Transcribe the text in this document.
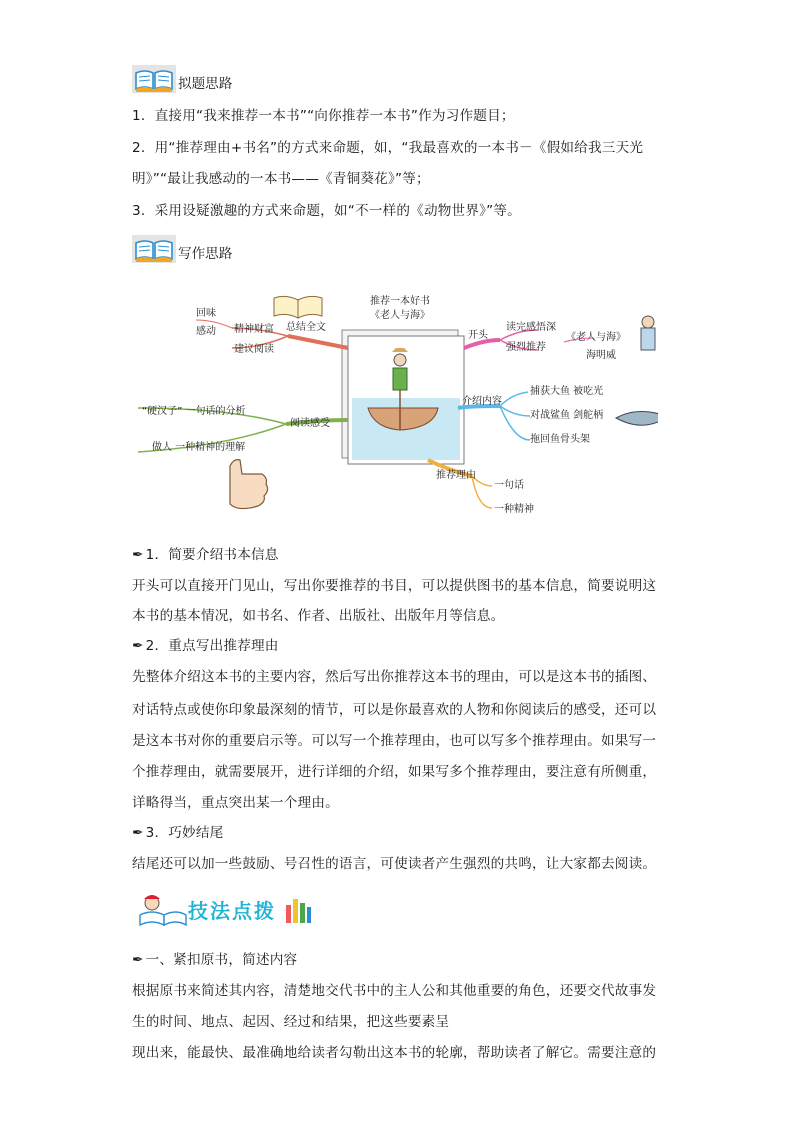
拟题思路
1．直接用“我来推荐一本书”“向你推荐一本书”作为习作题目；
2．用“推荐理由+书名”的方式来命题，如，“我最喜欢的一本书－《假如给我三天光
明》”“最让我感动的一本书——《青铜葵花》”等；
3．采用设疑激趣的方式来命题，如“不一样的《动物世界》”等。
写作思路
推荐一本好书
《老人与海》
总结全文
精神财富
建议阅读
回味
感动
阅读感受
“硬汉子” 一句话的分析
做人 一种精神的理解
开头
读完感悟深
强烈推荐
《老人与海》
海明威
介绍内容
捕获大鱼 被吃光
对战鲨鱼 剑舵柄
拖回鱼骨头架
推荐理由
一句话
一种精神
✒ 1．简要介绍书本信息
开头可以直接开门见山，写出你要推荐的书目，可以提供图书的基本信息，简要说明这
本书的基本情况，如书名、作者、出版社、出版年月等信息。
✒ 2．重点写出推荐理由
先整体介绍这本书的主要内容，然后写出你推荐这本书的理由，可以是这本书的插图、
对话特点或使你印象最深刻的情节，可以是你最喜欢的人物和你阅读后的感受，还可以
是这本书对你的重要启示等。可以写一个推荐理由，也可以写多个推荐理由。如果写一
个推荐理由，就需要展开，进行详细的介绍，如果写多个推荐理由，要注意有所侧重，
详略得当，重点突出某一个理由。
✒ 3．巧妙结尾
结尾还可以加一些鼓励、号召性的语言，可使读者产生强烈的共鸣，让大家都去阅读。
技法点拨
✒ 一、紧扣原书，简述内容
根据原书来简述其内容，清楚地交代书中的主人公和其他重要的角色，还要交代故事发
生的时间、地点、起因、经过和结果，把这些要素呈
现出来，能最快、最准确地给读者勾勒出这本书的轮廓，帮助读者了解它。需要注意的
